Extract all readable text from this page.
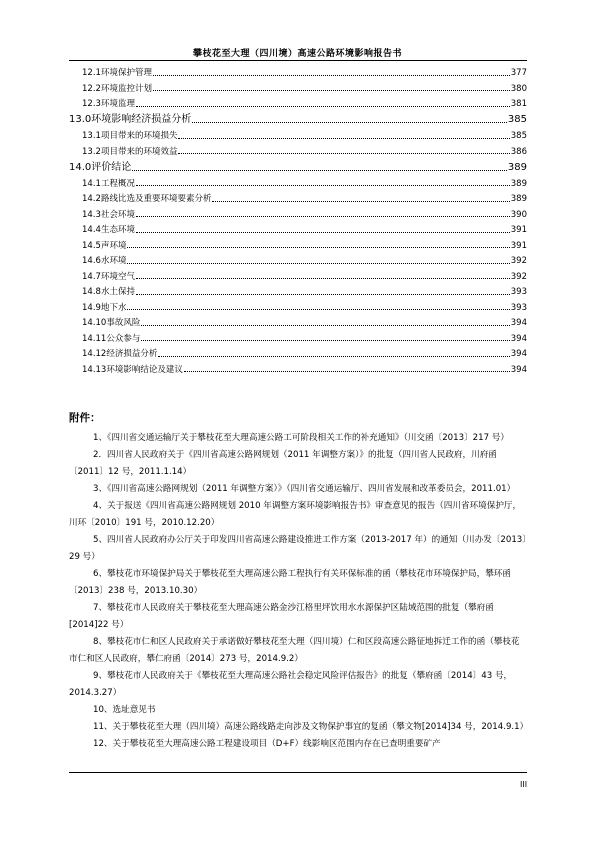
攀枝花至大理（四川境）高速公路环境影响报告书
12.1 环境保护管理	377
12.2 环境监控计划	380
12.3 环境监理	381
13.0 环境影响经济损益分析	385
13.1 项目带来的环境损失	385
13.2 项目带来的环境效益	386
14.0 评价结论	389
14.1 工程概况	389
14.2 路线比选及重要环境要素分析	389
14.3 社会环境	390
14.4 生态环境	391
14.5 声环境	391
14.6 水环境	392
14.7 环境空气	392
14.8 水土保持	393
14.9 地下水	393
14.10 事故风险	394
14.11 公众参与	394
14.12 经济损益分析	394
14.13 环境影响结论及建议	394
附件：

1、《四川省交通运输厅关于攀枝花至大理高速公路工可阶段相关工作的补充通知》（川交函〔2013〕217 号）

2．四川省人民政府关于《四川省高速公路网规划（2011 年调整方案）》的批复（四川省人民政府，川府函〔2011〕12 号，2011.1.14）

3、《四川省高速公路网规划（2011 年调整方案）》（四川省交通运输厅、四川省发展和改革委员会，2011.01）

4、关于报送《四川省高速公路网规划 2010 年调整方案环境影响报告书》审查意见的报告（四川省环境保护厅，川环〔2010〕191 号，2010.12.20）

5、四川省人民政府办公厅关于印发四川省高速公路建设推进工作方案（2013-2017 年）的通知（川办发〔2013〕29 号）

6、攀枝花市环境保护局关于攀枝花至大理高速公路工程执行有关环保标准的函（攀枝花市环境保护局，攀环函〔2013〕238 号，2013.10.30）

7、攀枝花市人民政府关于攀枝花至大理高速公路金沙江格里坪饮用水水源保护区陆域范围的批复（攀府函[2014]22 号）

8、攀枝花市仁和区人民政府关于承诺做好攀枝花至大理（四川境）仁和区段高速公路征地拆迁工作的函（攀枝花市仁和区人民政府，攀仁府函〔2014〕273 号，2014.9.2）

9、攀枝花市人民政府关于《攀枝花至大理高速公路社会稳定风险评估报告》的批复（攀府函〔2014〕43 号，2014.3.27）

10、选址意见书

11、关于攀枝花至大理（四川境）高速公路线路走向涉及文物保护事宜的复函（攀文物[2014]34 号，2014.9.1）

12、关于攀枝花至大理高速公路工程建设项目（D+F）线影响区范围内存在已查明重要矿产

III
